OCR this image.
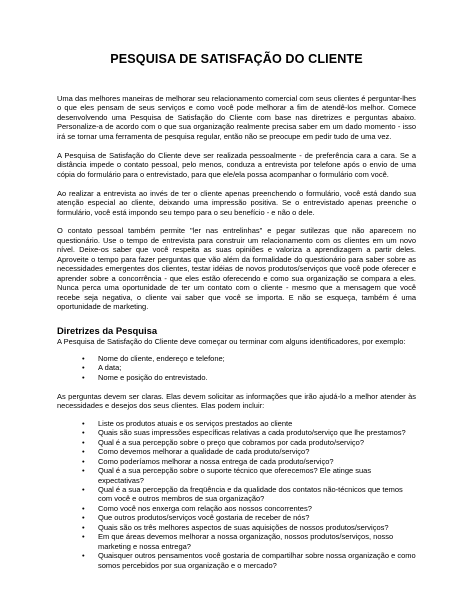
PESQUISA DE SATISFAÇÃO DO CLIENTE

Uma das melhores maneiras de melhorar seu relacionamento comercial com seus clientes é perguntar-lhes o que eles pensam de seus serviços e como você pode melhorar a fim de atendê-los melhor. Comece desenvolvendo uma Pesquisa de Satisfação do Cliente com base nas diretrizes e perguntas abaixo. Personalize-a de acordo com o que sua organização realmente precisa saber em um dado momento - isso irá se tornar uma ferramenta de pesquisa regular, então não se preocupe em pedir tudo de uma vez.

A Pesquisa de Satisfação do Cliente deve ser realizada pessoalmente - de preferência cara a cara. Se a distância impede o contato pessoal, pelo menos, conduza a entrevista por telefone após o envio de uma cópia do formulário para o entrevistado, para que ele/ela possa acompanhar o formulário com você.

Ao realizar a entrevista ao invés de ter o cliente apenas preenchendo o formulário, você está dando sua atenção especial ao cliente, deixando uma impressão positiva. Se o entrevistado apenas preenche o formulário, você está impondo seu tempo para o seu benefício - e não o dele.

O contato pessoal também permite "ler nas entrelinhas" e pegar sutilezas que não aparecem no questionário. Use o tempo de entrevista para construir um relacionamento com os clientes em um novo nível. Deixe-os saber que você respeita as suas opiniões e valoriza a aprendizagem a partir deles. Aproveite o tempo para fazer perguntas que vão além da formalidade do questionário para saber sobre as necessidades emergentes dos clientes, testar idéias de novos produtos/serviços que você pode oferecer e aprender sobre a concorrência - que eles estão oferecendo e como sua organização se compara a eles. Nunca perca uma oportunidade de ter um contato com o cliente - mesmo que a mensagem que você recebe seja negativa, o cliente vai saber que você se importa. E não se esqueça, também é uma oportunidade de marketing.

Diretrizes da Pesquisa

A Pesquisa de Satisfação do Cliente deve começar ou terminar com alguns identificadores, por exemplo:

• Nome do cliente, endereço e telefone;
• A data;
• Nome e posição do entrevistado.

As perguntas devem ser claras. Elas devem solicitar as informações que irão ajudá-lo a melhor atender às necessidades e desejos dos seus clientes. Elas podem incluir:

• Liste os produtos atuais e os serviços prestados ao cliente
• Quais são suas impressões específicas relativas a cada produto/serviço que lhe prestamos?
• Qual é a sua percepção sobre o preço que cobramos por cada produto/serviço?
• Como devemos melhorar a qualidade de cada produto/serviço?
• Como poderíamos melhorar a nossa entrega de cada produto/serviço?
• Qual é a sua percepção sobre o suporte técnico que oferecemos? Ele atinge suas expectativas?
• Qual é a sua percepção da freqüência e da qualidade dos contatos não-técnicos que temos com você e outros membros de sua organização?
• Como você nos enxerga com relação aos nossos concorrentes?
• Que outros produtos/serviços você gostaria de receber de nós?
• Quais são os três melhores aspectos de suas aquisições de nossos produtos/serviços?
• Em que áreas devemos melhorar a nossa organização, nossos produtos/serviços, nosso marketing e nossa entrega?
• Quaisquer outros pensamentos você gostaria de compartilhar sobre nossa organização e como somos percebidos por sua organização e o mercado?
